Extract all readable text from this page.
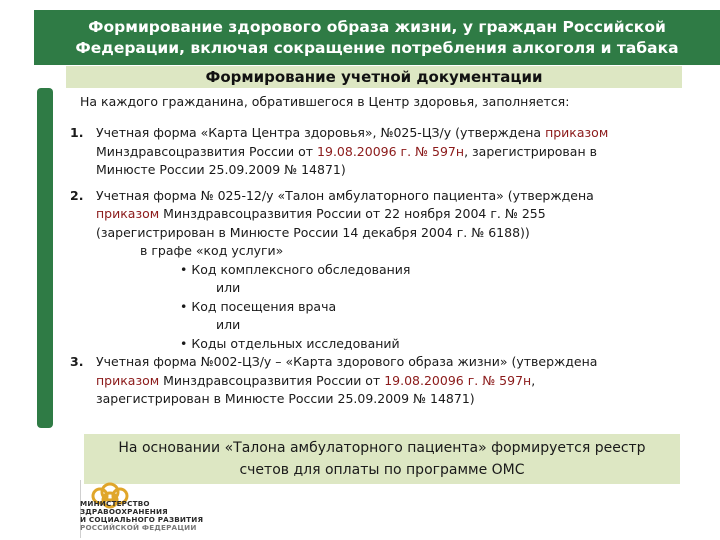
Формирование здорового образа жизни, у граждан Российской
Федерации, включая сокращение потребления алкоголя и табака
Формирование учетной документации
На каждого гражданина, обратившегося в Центр здоровья, заполняется:
1. Учетная форма «Карта Центра здоровья», №025-ЦЗ/у (утверждена приказом
Минздравсоцразвития России от 19.08.20096 г. № 597н, зарегистрирован в
Минюсте России 25.09.2009 № 14871)
2. Учетная форма № 025-12/у «Талон амбулаторного пациента» (утверждена
приказом Минздравсоцразвития России от 22 ноября 2004 г. № 255
(зарегистрирован в Минюсте России 14 декабря 2004 г. № 6188))
в графе «код услуги»
• Код комплексного обследования
или
• Код посещения врача
или
• Коды отдельных исследований
3. Учетная форма №002-ЦЗ/у – «Карта здорового образа жизни» (утверждена
приказом Минздравсоцразвития России от 19.08.20096 г. № 597н,
зарегистрирован в Минюсте России 25.09.2009 № 14871)
На основании «Талона амбулаторного пациента» формируется реестр
счетов для оплаты по программе ОМС
МИНИСТЕРСТВО
ЗДРАВООХРАНЕНИЯ
И СОЦИАЛЬНОГО РАЗВИТИЯ
РОССИЙСКОЙ ФЕДЕРАЦИИ
